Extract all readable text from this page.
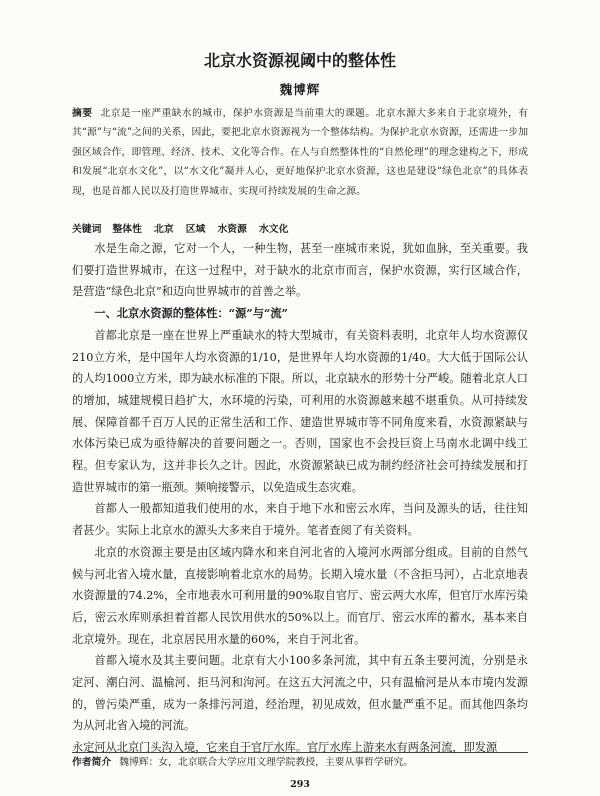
北京水资源视阈中的整体性
魏博辉
摘要 北京是一座严重缺水的城市，保护水资源是当前重大的课题。北京水源大多来自于北京境外，有其“源”与“流”之间的关系，因此，要把北京水资源视为一个整体结构。为保护北京水资源，还需进一步加强区域合作，即管理、经济、技术、文化等合作。在人与自然整体性的“自然伦理”的理念建构之下，形成和发展“北京水文化”，以“水文化”凝并人心，更好地保护北京水资源，这也是建设“绿色北京”的具体表现，也是首都人民以及打造世界城市、实现可持续发展的生命之源。
关键词 整体性 北京 区域 水资源 水文化

水是生命之源，它对一个人，一种生物，甚至一座城市来说，犹如血脉，至关重要。我们要打造世界城市，在这一过程中，对于缺水的北京市而言，保护水资源，实行区域合作，是营造“绿色北京”和迈向世界城市的首善之举。

一、北京水资源的整体性：“源”与“流”

首都北京是一座在世界上严重缺水的特大型城市，有关资料表明，北京年人均水资源仅210立方米，是中国年人均水资源的1/10，是世界年人均水资源的1/40。大大低于国际公认的人均1000立方米，即为缺水标准的下限。所以，北京缺水的形势十分严峻。随着北京人口的增加，城建规模日趋扩大，水环境的污染，可利用的水资源越来越不堪重负。从可持续发展、保障首都千百万人民的正常生活和工作、建造世界城市等不同角度来看，水资源紧缺与水体污染已成为亟待解决的首要问题之一。否则，国家也不会投巨资上马南水北调中线工程。但专家认为，这并非长久之计。因此，水资源紧缺已成为制约经济社会可持续发展和打造世界城市的第一瓶颈。频响接警示，以免造成生态灾难。

首都人一般都知道我们使用的水，来自于地下水和密云水库，当问及源头的话，往往知者甚少。实际上北京水的源头大多来自于境外。笔者查阅了有关资料。

北京的水资源主要是由区域内降水和来自河北省的入境河水两部分组成。目前的自然气候与河北省入境水量，直接影响着北京水的局势。长期入境水量（不含拒马河），占北京地表水资源量的74.2%，全市地表水可利用量的90%取自官厅、密云两大水库，但官厅水库污染后，密云水库则承担着首都人民饮用供水的50%以上。而官厅、密云水库的蓄水，基本来自北京境外。现在，北京居民用水量的60%，来自于河北省。

首都入境水及其主要问题。北京有大小100多条河流，其中有五条主要河流，分别是永定河、潮白河、温榆河、拒马河和泃河。在这五大河流之中，只有温榆河是从本市境内发源的，曾污染严重，成为一条排污河道，经治理，初见成效，但水量严重不足。而其他四条均为从河北省入境的河流。

永定河从北京门头沟入境，它来自于官厅水库。官厅水库上游来水有两条河流，即发源

作者简介 魏博辉：女，北京联合大学应用文理学院教授，主要从事哲学研究。
293
